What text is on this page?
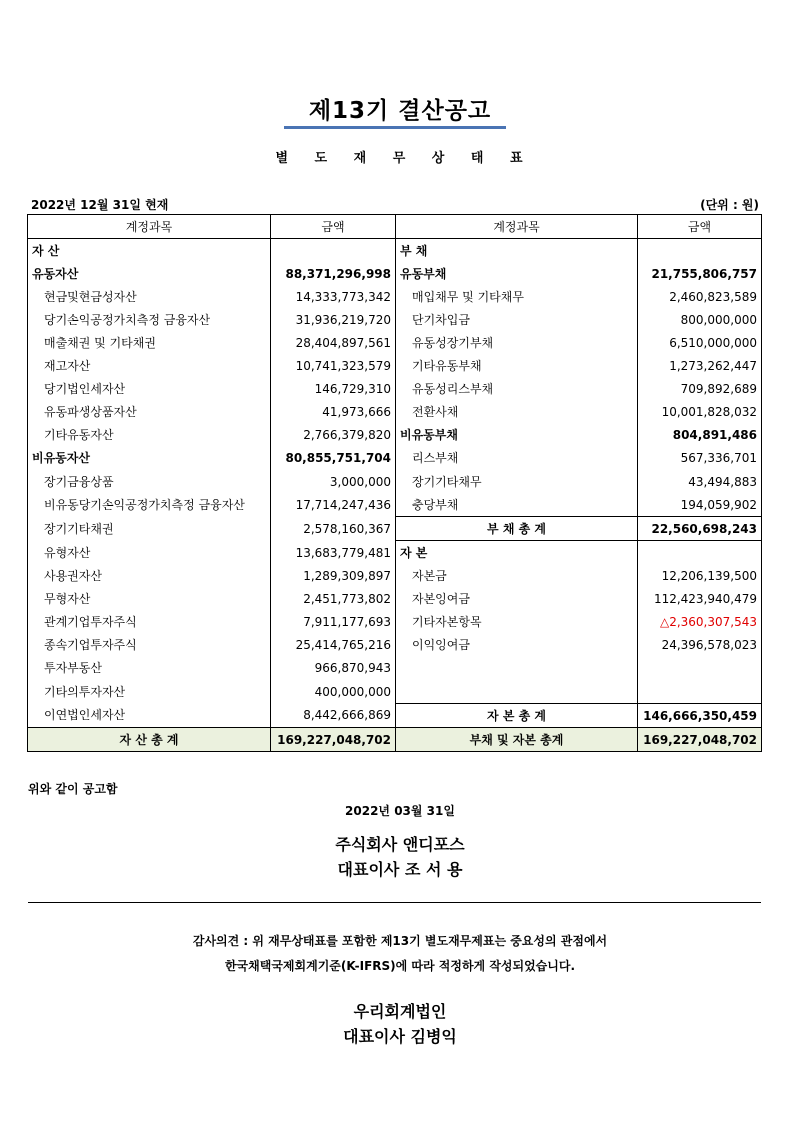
제13기 결산공고
별 도 재 무 상 태 표
2022년 12월 31일 현재	(단위 : 원)
계정과목	금액	계정과목	금액
자 산		부 채	
유동자산	88,371,296,998	유동부채	21,755,806,757
현금및현금성자산	14,333,773,342	매입채무 및 기타채무	2,460,823,589
당기손익공정가치측정 금융자산	31,936,219,720	단기차입금	800,000,000
매출채권 및 기타채권	28,404,897,561	유동성장기부채	6,510,000,000
재고자산	10,741,323,579	기타유동부채	1,273,262,447
당기법인세자산	146,729,310	유동성리스부채	709,892,689
유동파생상품자산	41,973,666	전환사채	10,001,828,032
기타유동자산	2,766,379,820	비유동부채	804,891,486
비유동자산	80,855,751,704	리스부채	567,336,701
장기금융상품	3,000,000	장기기타채무	43,494,883
비유동당기손익공정가치측정 금융자산	17,714,247,436	충당부채	194,059,902
장기기타채권	2,578,160,367	부 채 총 계	22,560,698,243
유형자산	13,683,779,481	자 본	
사용권자산	1,289,309,897	자본금	12,206,139,500
무형자산	2,451,773,802	자본잉여금	112,423,940,479
관계기업투자주식	7,911,177,693	기타자본항목	△2,360,307,543
종속기업투자주식	25,414,765,216	이익잉여금	24,396,578,023
투자부동산	966,870,943		
기타의투자자산	400,000,000		
이연법인세자산	8,442,666,869	자 본 총 계	146,666,350,459
자 산 총 계	169,227,048,702	부채 및 자본 총계	169,227,048,702
위와 같이 공고함
2022년 03월 31일
주식회사 앤디포스
대표이사 조 서 용
감사의견 : 위 재무상태표를 포함한 제13기 별도재무제표는 중요성의 관점에서
한국채택국제회계기준(K-IFRS)에 따라 적정하게 작성되었습니다.
우리회계법인
대표이사 김병익
